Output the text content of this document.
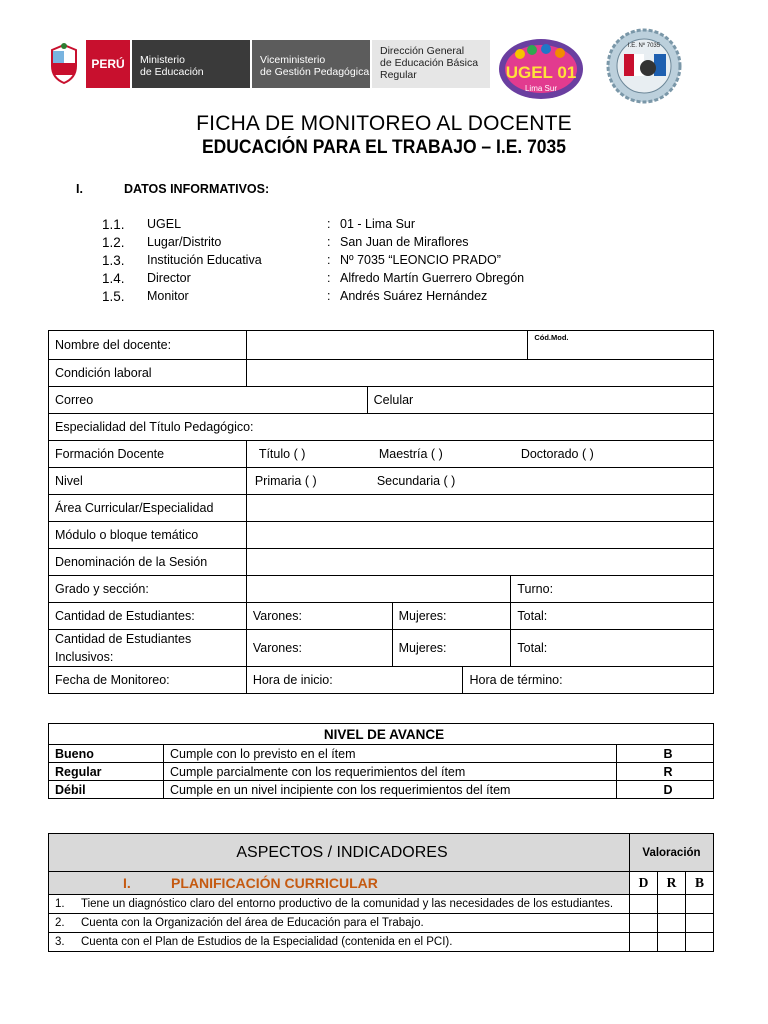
PERÚ	Ministerio
de Educación
Viceministerio
de Gestión Pedagógica
Dirección General
de Educación Básica
Regular	UGEL 01
Lima Sur
I.E. Nº 7035
FICHA DE MONITOREO AL DOCENTE
EDUCACIÓN PARA EL TRABAJO – I.E. 7035
I.	DATOS INFORMATIVOS:
1.1.	UGEL	: 01 - Lima Sur
1.2.	Lugar/Distrito	: San Juan de Miraflores
1.3.	Institución Educativa	: Nº 7035 “LEONCIO PRADO”
1.4.	Director	: Alfredo Martín Guerrero Obregón
1.5.	Monitor	: Andrés Suárez Hernández
Nombre del docente:						Cód.Mod.
Condición laboral						
Correo		Celular				
Especialidad del Título Pedagógico:						
Formación Docente	Título ( ) Maestría ( ) Doctorado ( )					
Nivel	Primaria ( ) Secundaria ( )					
Área Curricular/Especialidad						
Módulo o bloque temático						
Denominación de la Sesión						
Grado y sección:					Turno:	
Cantidad de Estudiantes:	Varones:		Mujeres:		Total:	
Cantidad de Estudiantes Inclusivos:	Varones:		Mujeres:		Total:	
Fecha de Monitoreo:	Hora de inicio:			Hora de término:		
NIVEL DE AVANCE		
Bueno	Cumple con lo previsto en el ítem	B
Regular	Cumple parcialmente con los requerimientos del ítem	R
Débil	Cumple en un nivel incipiente con los requerimientos del ítem	D
ASPECTOS / INDICADORES	Valoración		
I. PLANIFICACIÓN CURRICULAR	D	R	B
1. Tiene un diagnóstico claro del entorno productivo de la comunidad y las necesidades de los estudiantes.			
2. Cuenta con la Organización del área de Educación para el Trabajo.			
3. Cuenta con el Plan de Estudios de la Especialidad (contenida en el PCI).			
